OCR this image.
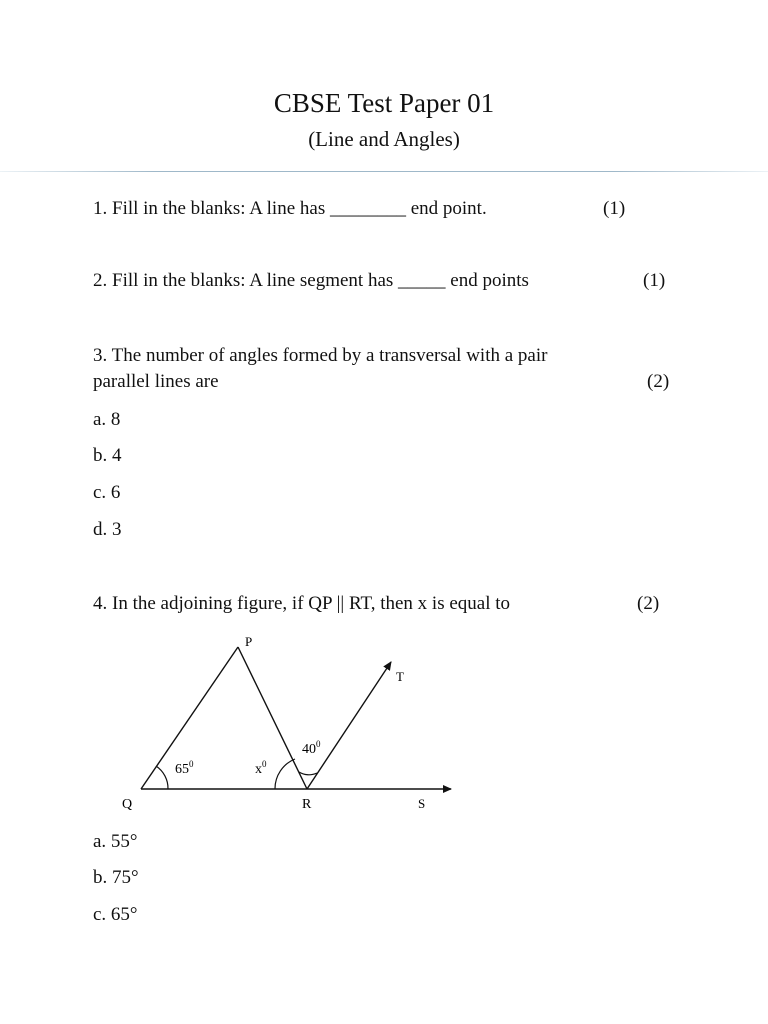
CBSE Test Paper 01
(Line and Angles)
1. Fill in the blanks: A line has ________ end point.	(1)
2. Fill in the blanks: A line segment has _____ end points	(1)
3. The number of angles formed by a transversal with a pair
parallel lines are	(2)
a. 8
b. 4
c. 6
d. 3
4. In the adjoining figure, if QP || RT, then x is equal to	(2)
P
T
Q	R	S
$65^0$	$x^0$
$40^0$
a. 55°
b. 75°
c. 65°
